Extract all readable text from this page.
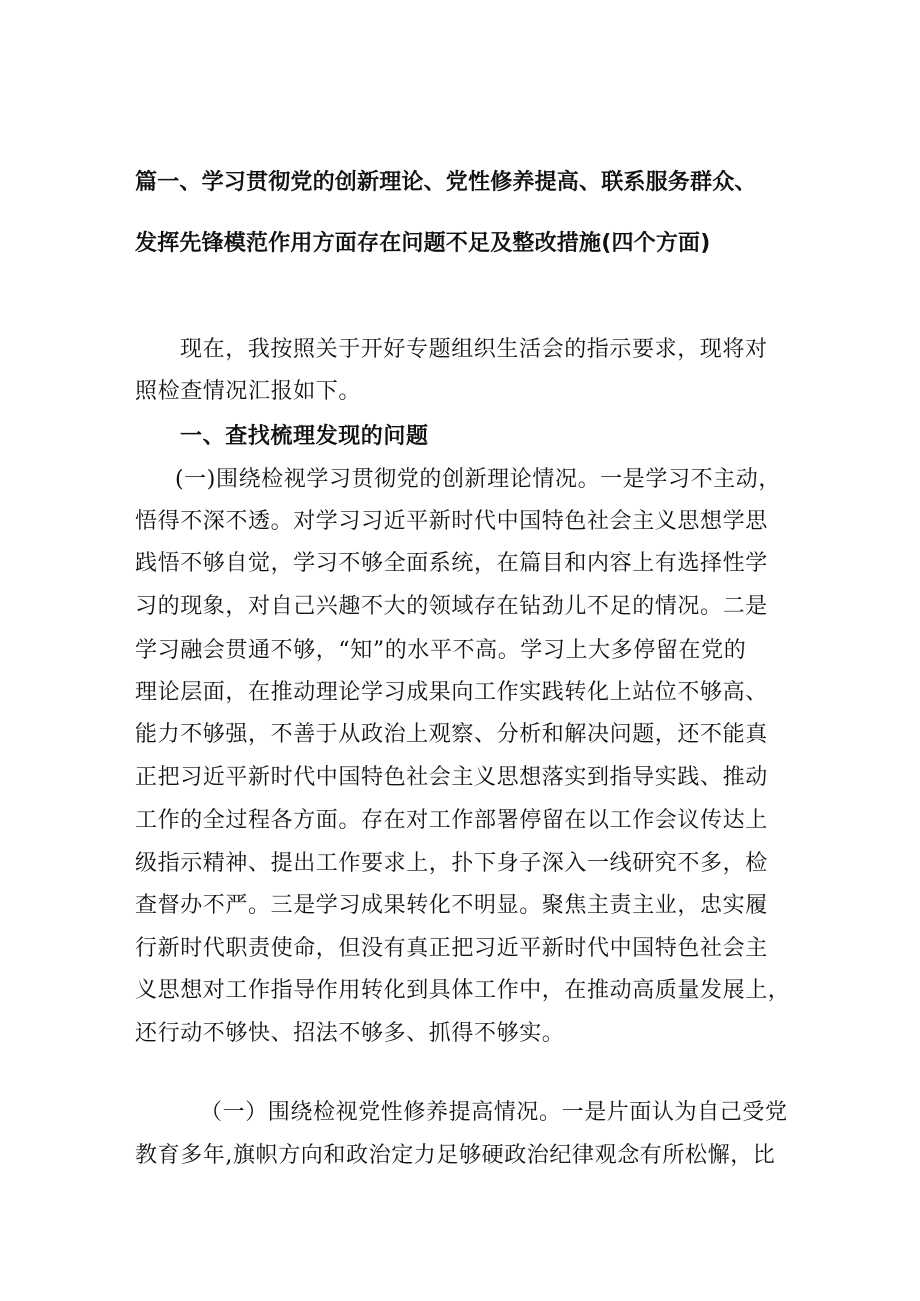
篇一、学习贯彻党的创新理论、党性修养提高、联系服务群众、
发挥先锋模范作用方面存在问题不足及整改措施(四个方面)
现在，我按照关于开好专题组织生活会的指示要求，现将对
照检查情况汇报如下。
一、查找梳理发现的问题
(一)围绕检视学习贯彻党的创新理论情况。一是学习不主动，
悟得不深不透。对学习习近平新时代中国特色社会主义思想学思
践悟不够自觉，学习不够全面系统，在篇目和内容上有选择性学
习的现象，对自己兴趣不大的领域存在钻劲儿不足的情况。二是
学习融会贯通不够，“知”的水平不高。学习上大多停留在党的
理论层面，在推动理论学习成果向工作实践转化上站位不够高、
能力不够强，不善于从政治上观察、分析和解决问题，还不能真
正把习近平新时代中国特色社会主义思想落实到指导实践、推动
工作的全过程各方面。存在对工作部署停留在以工作会议传达上
级指示精神、提出工作要求上，扑下身子深入一线研究不多，检
查督办不严。三是学习成果转化不明显。聚焦主责主业，忠实履
行新时代职责使命，但没有真正把习近平新时代中国特色社会主
义思想对工作指导作用转化到具体工作中，在推动高质量发展上，
还行动不够快、招法不够多、抓得不够实。
（一）围绕检视党性修养提高情况。一是片面认为自己受党
教育多年,旗帜方向和政治定力足够硬政治纪律观念有所松懈，比
